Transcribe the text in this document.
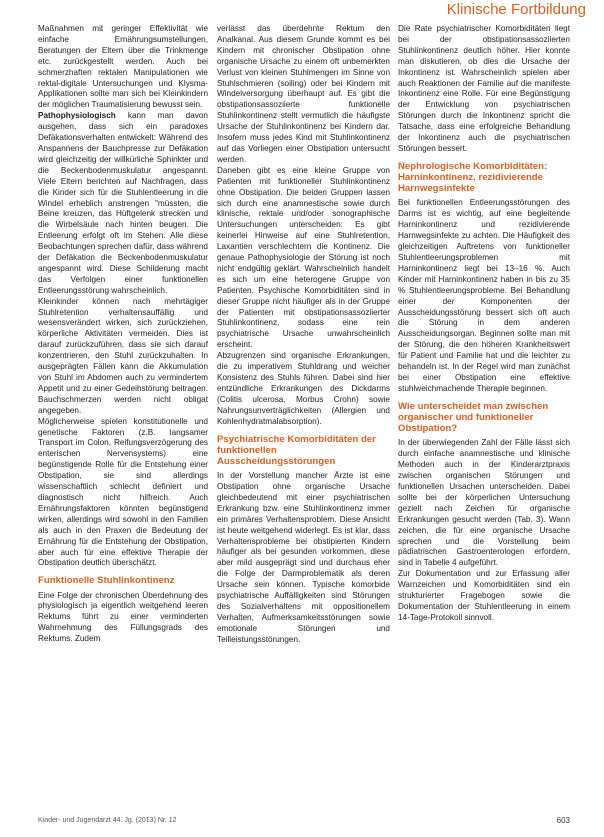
Klinische Fortbildung

Maßnahmen mit geringer Effektivität wie einfache Ernährungsumstellungen, Beratungen der Eltern über die Trinkmenge etc. zurückgestellt werden. Auch bei schmerzhaften rektalen Manipulationen wie rektal-digitale Untersuchungen und Klysma-Applikationen sollte man sich bei Kleinkindern der möglichen Traumatisierung bewusst sein.

Pathophysiologisch kann man davon ausgehen, dass sich ein paradoxes Defäkationsverhalten entwickelt: Während des Anspannens der Bauchpresse zur Defäkation wird gleichzeitig der willkürliche Sphinkter und die Beckenbodenmuskulatur angespannt. Viele Eltern berichten auf Nachfragen, dass die Kinder sich für die Stuhlentleerung in die Windel erheblich anstrengen "müssten, die Beine kreuzen, das Hüftgelenk strecken und die Wirbelsäule nach hinten beugen. Die Entleerung erfolgt oft im Stehen. Alle diese Beobachtungen sprechen dafür, dass während der Defäkation die Beckenbodenmuskulatur angespannt wird. Diese Schilderung macht das Verfolgen einer funktionellen Entleerungsstörung wahrscheinlich.

Kleinkinder können nach mehrtägiger Stuhlretention verhaltensauffällig und wesensverändert wirken, sich zurückziehen, körperliche Aktivitäten vermeiden. Dies ist darauf zurückzuführen, dass sie sich darauf konzentrieren, den Stuhl zurückzuhalten. In ausgeprägten Fällen kann die Akkumulation von Stuhl im Abdomen auch zu vermindertem Appetit und zu einer Gedeihstörung beitragen. Bauchschmerzen werden nicht obligat angegeben.

Möglicherweise spielen konstitutionelle und genetische Faktoren (z.B. langsamer Transport im Colon, Reifungsverzögerung des enterischen Nervensystems) eine begünstigende Rolle für die Entstehung einer Obstipation, sie sind allerdings wissenschaftlich schlecht definiert und diagnostisch nicht hilfreich. Auch Ernährungsfaktoren könnten begünstigend wirken, allerdings wird sowohl in den Familien als auch in den Praxen die Bedeutung der Ernährung für die Entstehung der Obstipation, aber auch für eine effektive Therapie der Obstipation deutlich überschätzt.

Funktionelle Stuhlinkontinenz

Eine Folge der chronischen Überdehnung des physiologisch ja eigentlich weitgehend leeren Rektums führt zu einer verminderten Wahrnehmung des Füllungsgrads des Rektums. Zudem

verlässt das überdehnte Rektum den Analkanal. Aus diesem Grunde kommt es bei Kindern mit chronischer Obstipation ohne organische Ursache zu einem oft unbemerkten Verlust von kleinen Stuhlmengen im Sinne von Stuhlschmieren (soiling) oder bei Kindern mit Windelversorgung überhaupt auf. Es gibt die obstipationsassoziierte funktionelle Stuhlinkontinenz stellt vermutlich die häufigste Ursache der Stuhlinkontinenz bei Kindern dar. Insofern muss jedes Kind mit Stuhlinkontinenz auf das Vorliegen einer Obstipation untersucht werden.

Daneben gibt es eine kleine Gruppe von Patienten mit funktioneller Stuhlinkontinenz ohne Obstipation. Die beiden Gruppen lassen sich durch eine anamnestische sowie durch klinische, rektale und/oder sonographische Untersuchungen unterscheiden: Es gibt keinerlei Hinweise auf eine Stuhlretention, Laxantien verschlechtern die Kontinenz. Die genaue Pathophysiologie der Störung ist noch nicht endgültig geklärt. Wahrscheinlich handelt es sich um eine heterogene Gruppe von Patienten. Psychische Komorbiditäten sind in dieser Gruppe nicht häufiger als in der Gruppe der Patienten mit obstipationsassoziierter Stuhlinkontinenz, sodass eine rein psychiatrische Ursache unwahrscheinlich erscheint.

Abzugrenzen sind organische Erkrankungen, die zu imperativem Stuhldrang und weicher Konsistenz des Stuhls führen. Dabei sind hier entzündliche Erkrankungen des Dickdarms (Colitis ulcerosa, Morbus Crohn) sowie Nahrungsunverträglichkeiten (Allergien und Kohlenhydratmalabsorption).

Psychiatrische Komorbiditäten der funktionellen Ausscheidungsstörungen

In der Vorstellung mancher Ärzte ist eine Obstipation ohne organische Ursache gleichbedeutend mit einer psychiatrischen Erkrankung bzw. eine Stuhlinkontinenz immer ein primäres Verhaltensproblem. Diese Ansicht ist heute weitgehend widerlegt. Es ist klar, dass Verhaltensprobleme bei obstipierten Kindern häufiger als bei gesunden vorkommen, diese aber mild ausgeprägt sind und durchaus eher die Folge der Darmproblematik als deren Ursache sein können. Typische komorbide psychiatrische Auffälligkeiten sind Störungen des Sozialverhaltens mit oppositionellem Verhalten, Aufmerksamkeitsstörungen sowie emotionale Störungen und Teilleistungsstörungen.

Die Rate psychiatrischer Komorbiditäten liegt bei der obstipationsassoziierten Stuhlinkontinenz deutlich höher. Hier konnte man diskutieren, ob dies die Ursache der Inkontinenz ist. Wahrscheinlich spielen aber auch Reaktionen der Familie auf die manifeste Inkontinenz eine Rolle. Für eine Begünstigung der Entwicklung von psychiatrischen Störungen durch die Inkontinenz spricht die Tatsache, dass eine erfolgreiche Behandlung der Inkontinenz auch die psychiatrischen Störungen bessert.

Nephrologische Komorbiditäten: Harninkontinenz, rezidivierende Harnwegsinfekte

Bei funktionellen Entleerungsstörungen des Darms ist es wichtig, auf eine begleitende Harninkontinenz und rezidivierende Harnwegsinfekte zu achten. Die Häufigkeit des gleichzeitigen Auftretens von funktioneller Stuhlentleerungsproblemen mit Harninkontinenz liegt bei 13–16 %. Auch Kinder mit Harninkontinenz haben in bis zu 35 % Stuhlentleerungsprobleme. Bei Behandlung einer der Komponenten der Ausscheidungsstörung bessert sich oft auch die Störung in dem anderen Ausscheidungsorgan. Beginnen sollte man mit der Störung, die den höheren Krankheitswert für Patient und Familie hat und die leichter zu behandeln ist. In der Regel wird man zunächst bei einer Obstipation eine effektive stuhlweichmachende Therapie beginnen.

Wie unterscheidet man zwischen organischer und funktioneller Obstipation?

In der überwiegenden Zahl der Fälle lässt sich durch einfache anamnestische und klinische Methoden auch in der Kinderarztpraxis zwischen organischen Störungen und funktionellen Ursachen unterscheiden. Dabei sollte bei der körperlichen Untersuchung gezielt nach Zeichen für organische Erkrankungen gesucht werden (Tab. 3). Wann zeichen, die für eine organische Ursache sprechen und die Vorstellung beim pädiatrischen Gastroenterologen erfordern, sind in Tabelle 4 aufgeführt.

Zur Dokumentation und zur Erfassung aller Warnzeichen und Komorbiditäten sind ein strukturierter Fragebogen sowie die Dokumentation der Stuhlentleerung in einem 14-Tage-Protokoll sinnvoll.

Kinder- und Jugendarzt 44. Jg. (2013) Nr. 12	603
